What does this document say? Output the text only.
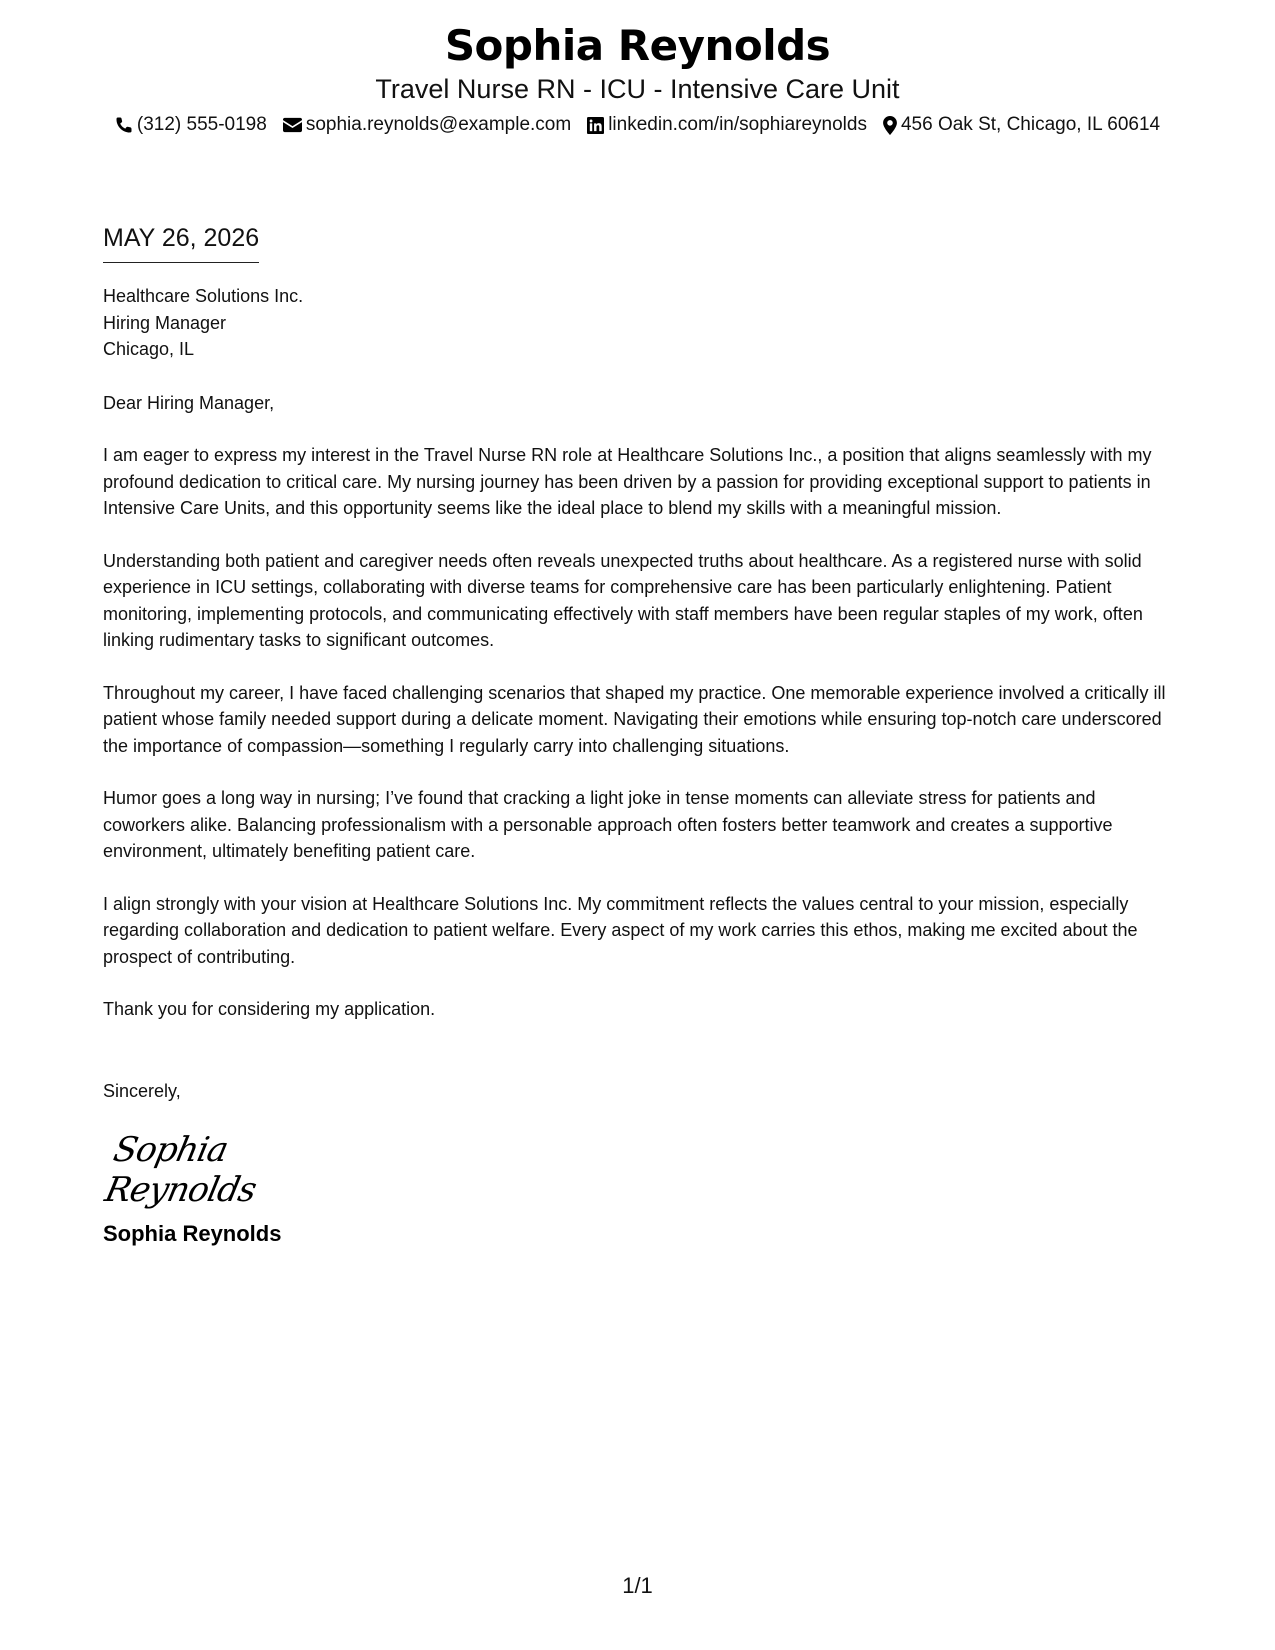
Sophia Reynolds
Travel Nurse RN - ICU - Intensive Care Unit
(312) 555-0198 sophia.reynolds@example.com linkedin.com/in/sophiareynolds 456 Oak St, Chicago, IL 60614
MAY 26, 2026
Healthcare Solutions Inc.
Hiring Manager
Chicago, IL
Dear Hiring Manager,

I am eager to express my interest in the Travel Nurse RN role at Healthcare Solutions Inc., a position that aligns seamlessly with my profound dedication to critical care. My nursing journey has been driven by a passion for providing exceptional support to patients in Intensive Care Units, and this opportunity seems like the ideal place to blend my skills with a meaningful mission.

Understanding both patient and caregiver needs often reveals unexpected truths about healthcare. As a registered nurse with solid experience in ICU settings, collaborating with diverse teams for comprehensive care has been particularly enlightening. Patient monitoring, implementing protocols, and communicating effectively with staff members have been regular staples of my work, often linking rudimentary tasks to significant outcomes.

Throughout my career, I have faced challenging scenarios that shaped my practice. One memorable experience involved a critically ill patient whose family needed support during a delicate moment. Navigating their emotions while ensuring top-notch care underscored the importance of compassion—something I regularly carry into challenging situations.

Humor goes a long way in nursing; I’ve found that cracking a light joke in tense moments can alleviate stress for patients and coworkers alike. Balancing professionalism with a personable approach often fosters better teamwork and creates a supportive environment, ultimately benefiting patient care.

I align strongly with your vision at Healthcare Solutions Inc. My commitment reflects the values central to your mission, especially regarding collaboration and dedication to patient welfare. Every aspect of my work carries this ethos, making me excited about the prospect of contributing.

Thank you for considering my application.

Sincerely,
Sophia Reynolds
Sophia Reynolds
1/1
